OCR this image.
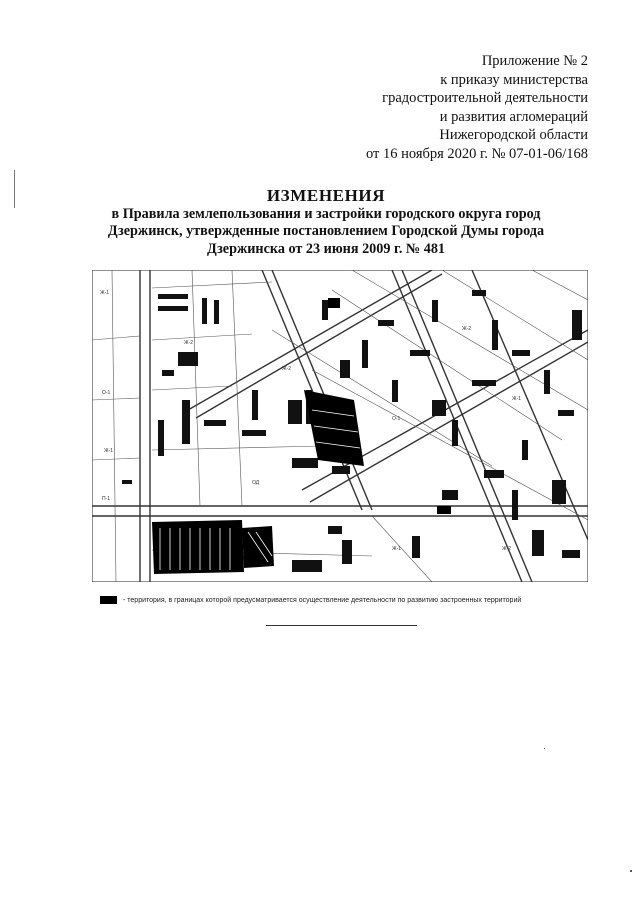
Приложение № 2
к приказу министерства
градостроительной деятельности
и развития агломераций
Нижегородской области
от 16 ноября 2020 г. № 07-01-06/168
ИЗМЕНЕНИЯ
в Правила землепользования и застройки городского округа город
Дзержинск, утвержденные постановлением Городской Думы города
Дзержинска от 23 июня 2009 г. № 481
Ж-1
Ж-2
О-1
Ж-2
Ж-1
О-1
Ж-2
Ж-1
ОД
Ж-2
П-1
Ж-1
- территория, в границах которой предусматривается осуществление деятельности по развитию застроенных территорий
